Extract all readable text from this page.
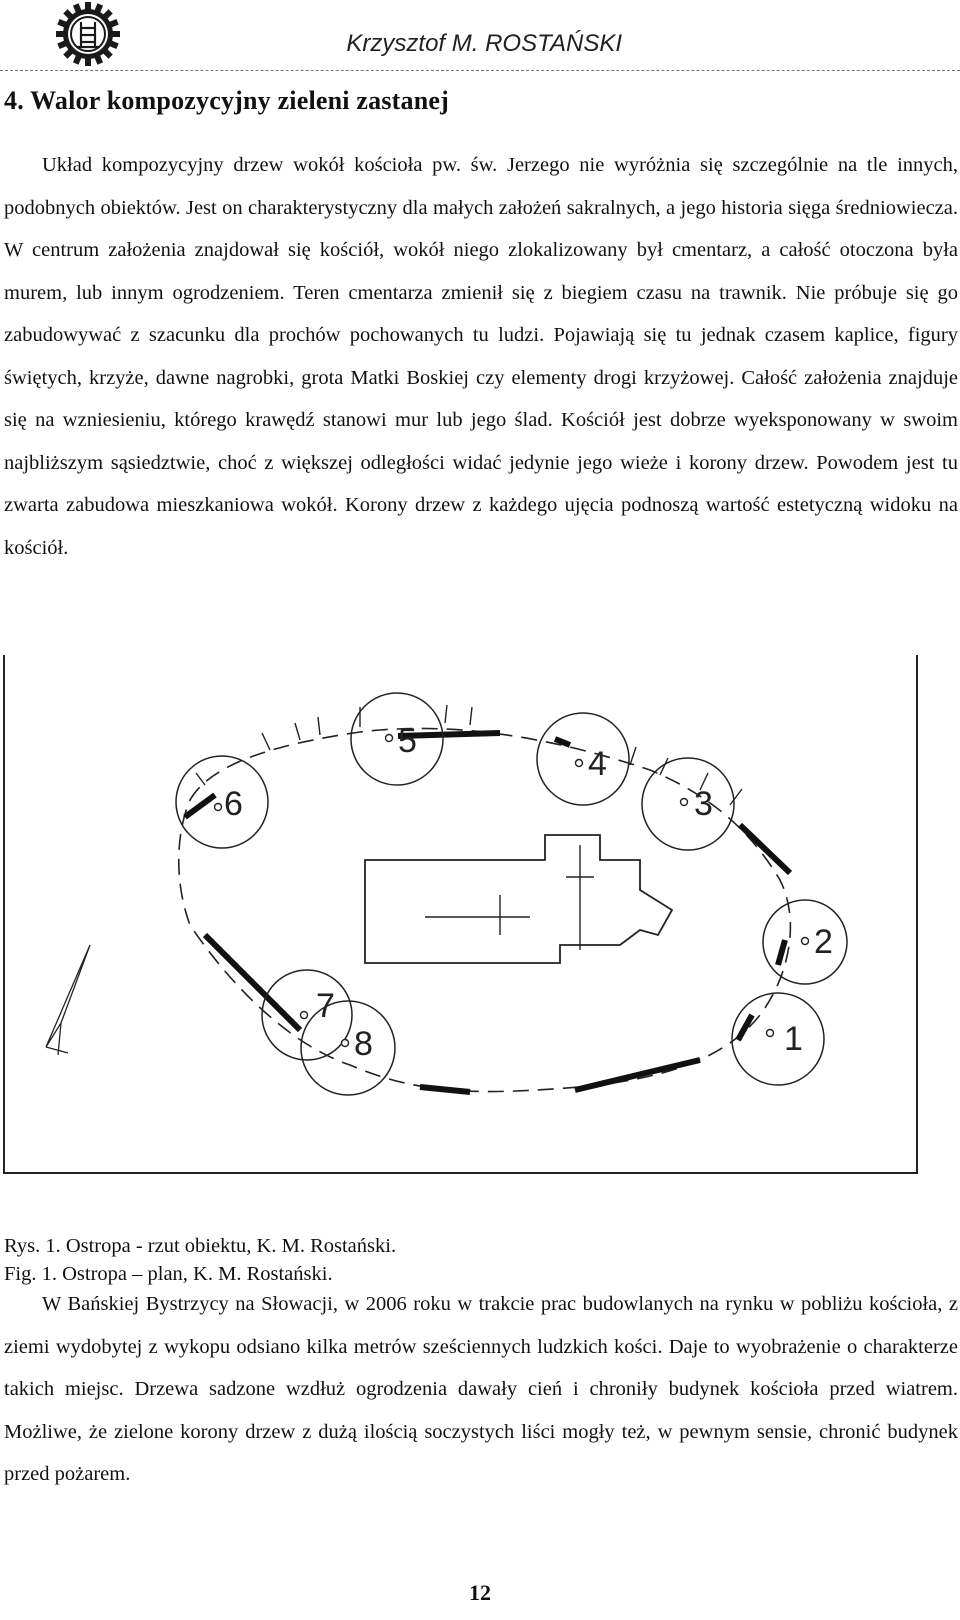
Krzysztof M. ROSTAŃSKI
4. Walor kompozycyjny zieleni zastanej

Układ kompozycyjny drzew wokół kościoła pw. św. Jerzego nie wyróżnia się szczególnie na tle innych, podobnych obiektów. Jest on charakterystyczny dla małych założeń sakralnych, a jego historia sięga średniowiecza. W centrum założenia znajdował się kościół, wokół niego zlokalizowany był cmentarz, a całość otoczona była murem, lub innym ogrodzeniem. Teren cmentarza zmienił się z biegiem czasu na trawnik. Nie próbuje się go zabudowywać z szacunku dla prochów pochowanych tu ludzi. Pojawiają się tu jednak czasem kaplice, figury świętych, krzyże, dawne nagrobki, grota Matki Boskiej czy elementy drogi krzyżowej. Całość założenia znajduje się na wzniesieniu, którego krawędź stanowi mur lub jego ślad. Kościół jest dobrze wyeksponowany w swoim najbliższym sąsiedztwie, choć z większej odległości widać jedynie jego wieże i korony drzew. Powodem jest tu zwarta zabudowa mieszkaniowa wokół. Korony drzew z każdego ujęcia podnoszą wartość estetyczną widoku na kościół.

1
2
3
4
5
6
7
8
Rys. 1. Ostropa - rzut obiektu, K. M. Rostański.
Fig. 1. Ostropa – plan, K. M. Rostański.

W Bańskiej Bystrzycy na Słowacji, w 2006 roku w trakcie prac budowlanych na rynku w pobliżu kościoła, z ziemi wydobytej z wykopu odsiano kilka metrów sześciennych ludzkich kości. Daje to wyobrażenie o charakterze takich miejsc. Drzewa sadzone wzdłuż ogrodzenia dawały cień i chroniły budynek kościoła przed wiatrem. Możliwe, że zielone korony drzew z dużą ilością soczystych liści mogły też, w pewnym sensie, chronić budynek przed pożarem.

12
